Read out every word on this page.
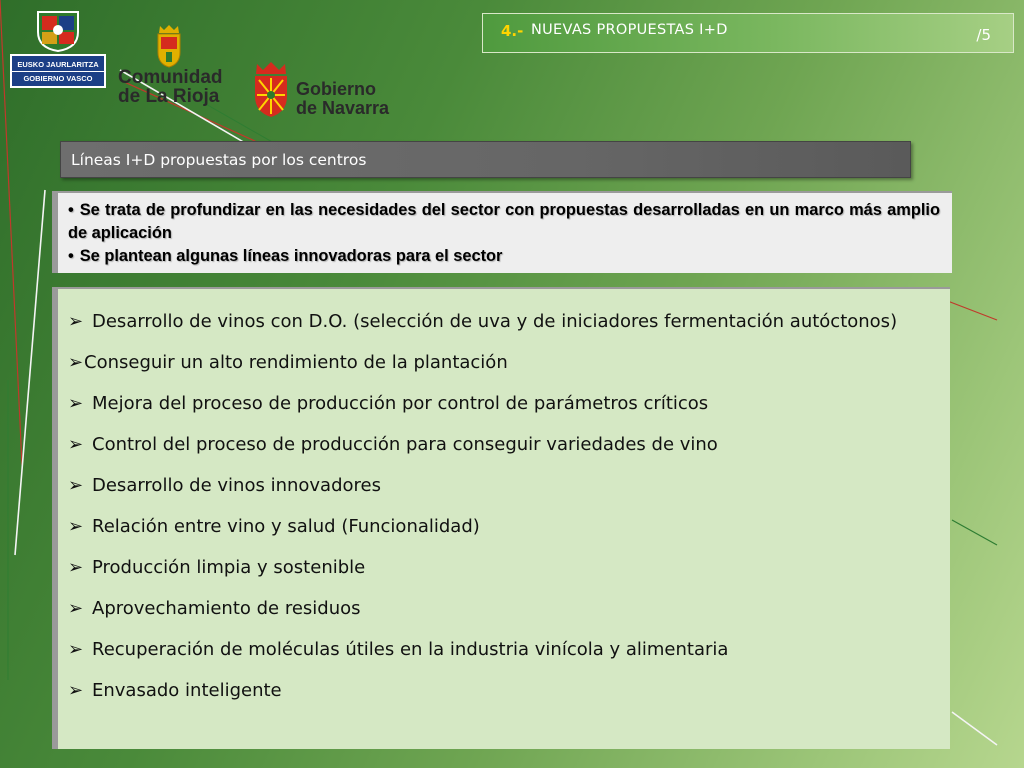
EUSKO JAURLARITZA
GOBIERNO VASCO	Comunidad
de La Rioja	Gobierno
de Navarra
4.- NUEVAS PROPUESTAS I+D	/5
Líneas I+D propuestas por los centros
• Se trata de profundizar en las necesidades del sector con propuestas desarrolladas en un marco más amplio de aplicación
• Se plantean algunas líneas innovadoras para el sector
➢ Desarrollo de vinos con D.O. (selección de uva y de iniciadores fermentación autóctonos)
➢Conseguir un alto rendimiento de la plantación
➢ Mejora del proceso de producción por control de parámetros críticos
➢ Control del proceso de producción para conseguir variedades de vino
➢ Desarrollo de vinos innovadores
➢ Relación entre vino y salud (Funcionalidad)
➢ Producción limpia y sostenible
➢ Aprovechamiento de residuos
➢ Recuperación de moléculas útiles en la industria vinícola y alimentaria
➢ Envasado inteligente
